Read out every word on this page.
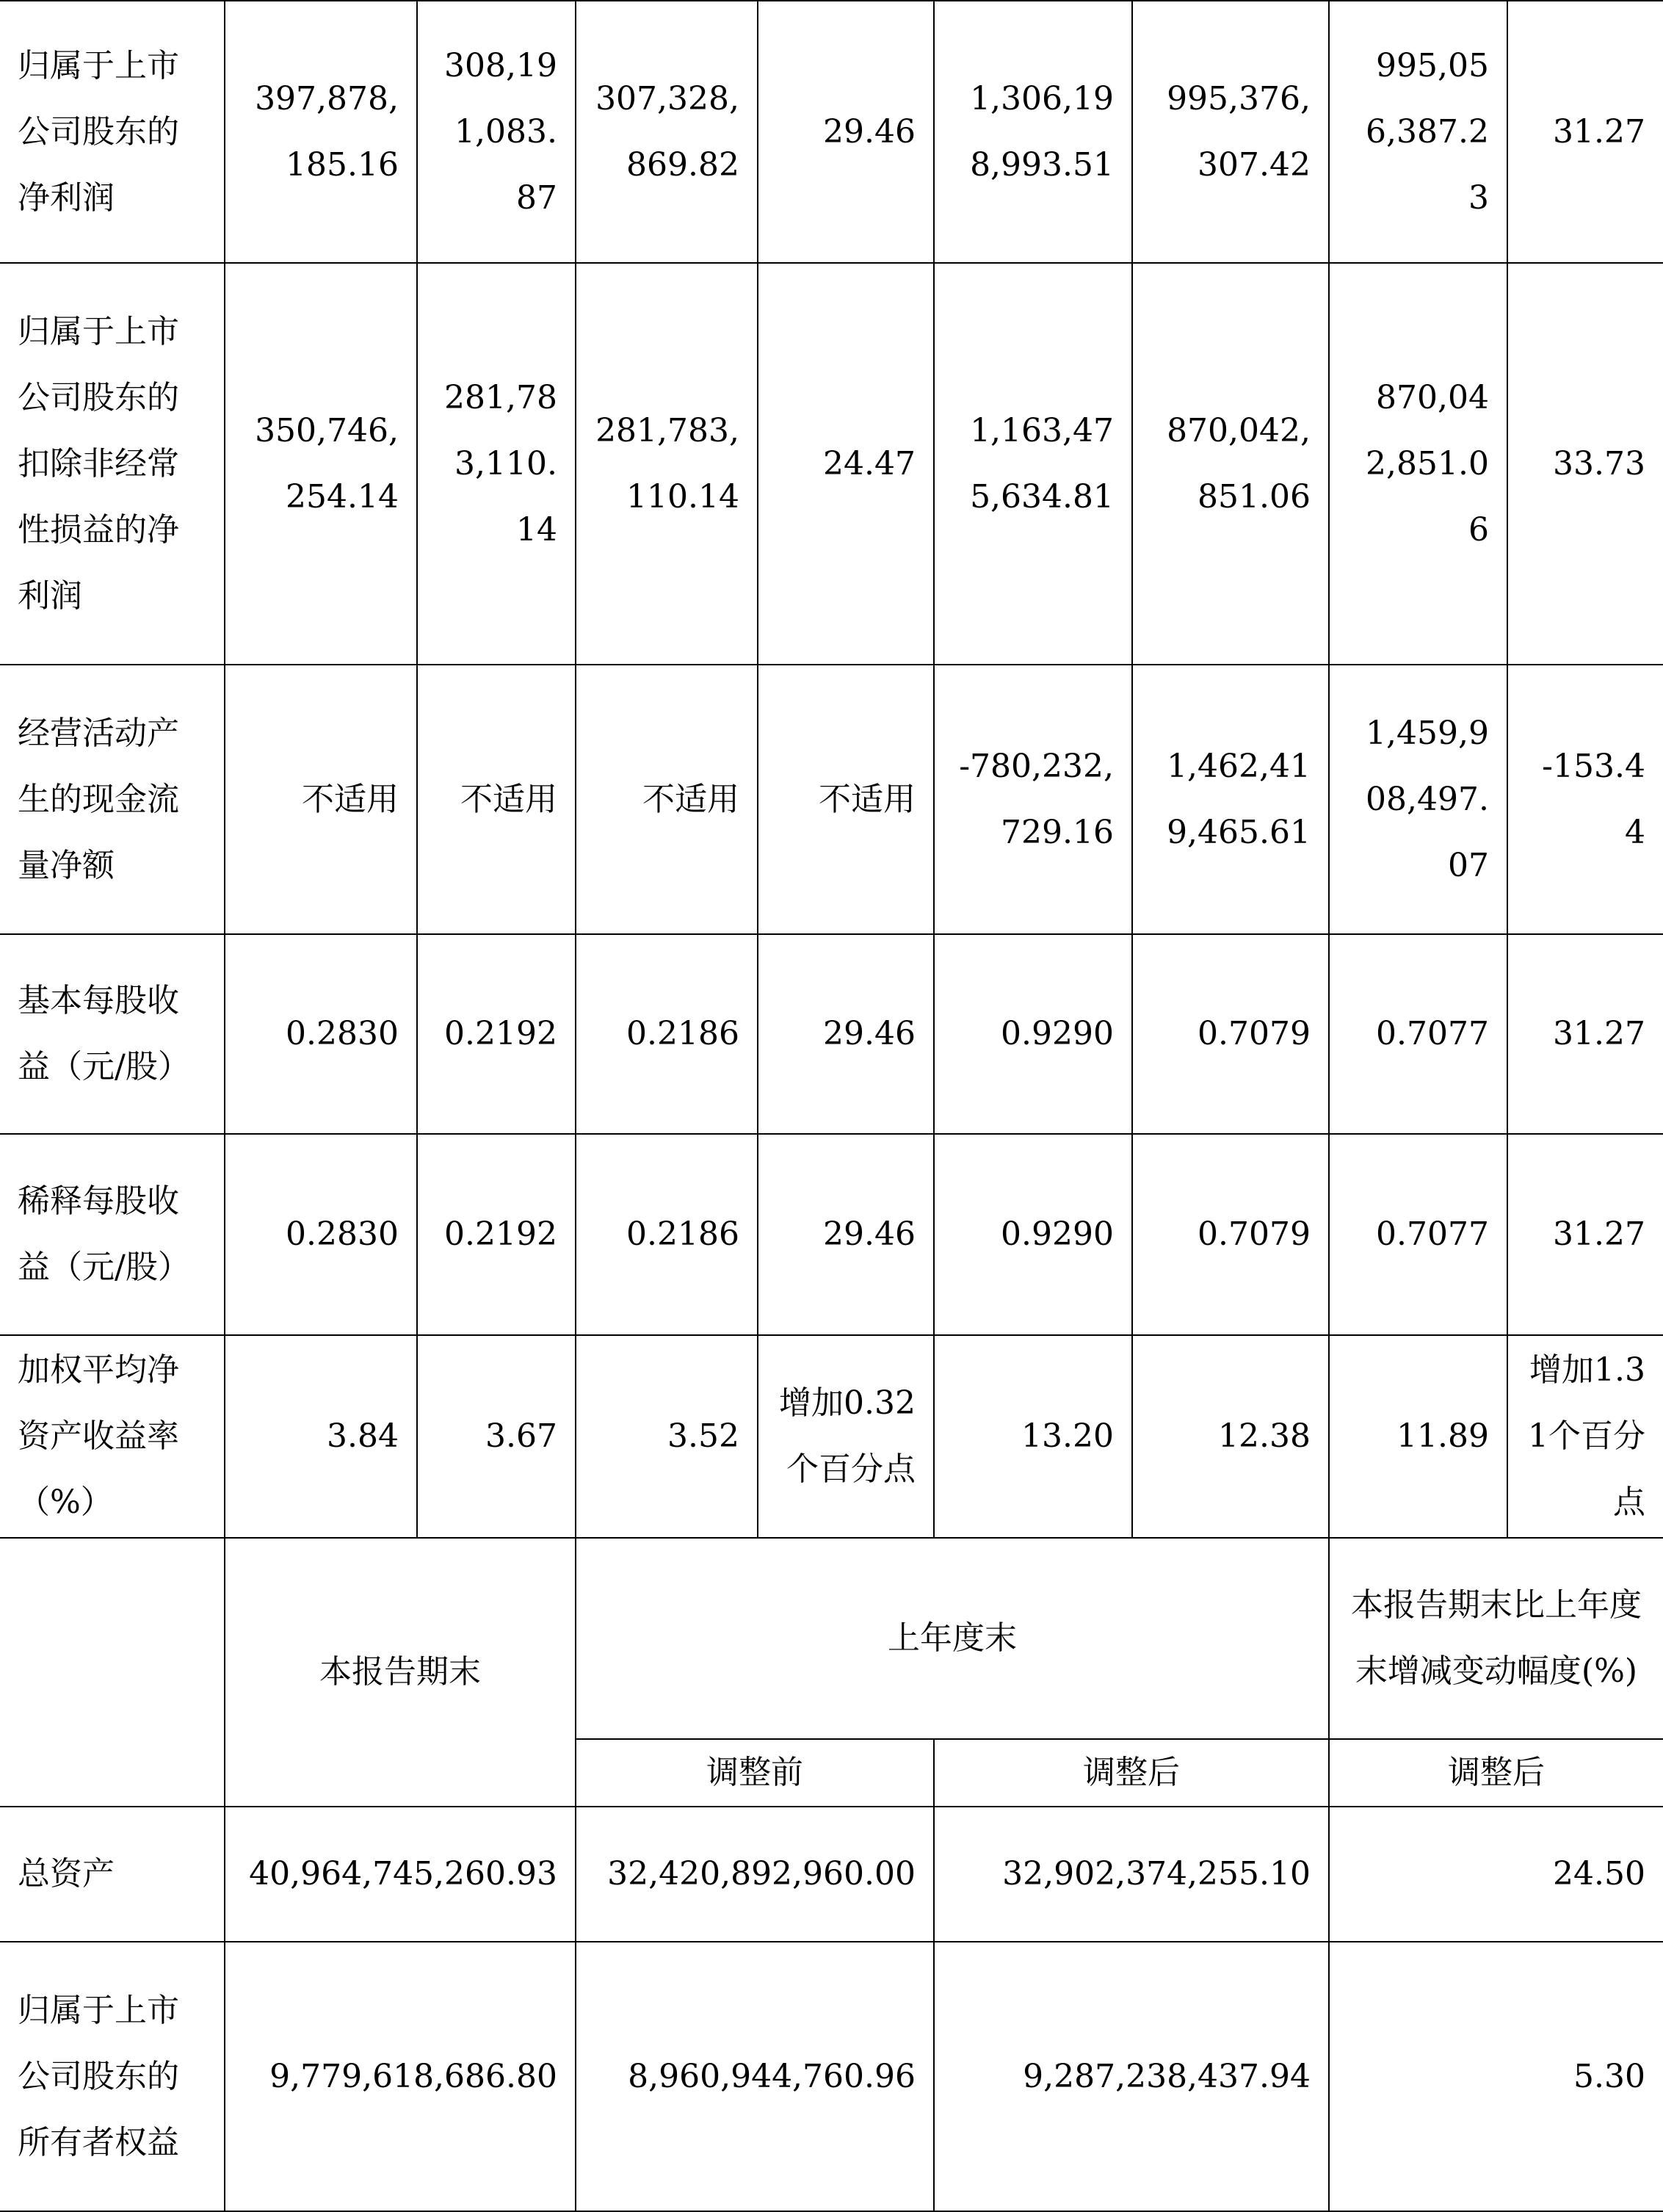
归属于上市公司股东的净利润	397,878,185.16	308,191,083.87	307,328,869.82	29.46	1,306,198,993.51	995,376,307.42	995,056,387.23	31.27
归属于上市公司股东的扣除非经常性损益的净利润	350,746,254.14	281,783,110.14	281,783,110.14	24.47	1,163,475,634.81	870,042,851.06	870,042,851.06	33.73
经营活动产生的现金流量净额	不适用	不适用	不适用	不适用	-780,232,729.16	1,462,419,465.61	1,459,908,497.07	-153.44
基本每股收益（元/股）	0.2830	0.2192	0.2186	29.46	0.9290	0.7079	0.7077	31.27
稀释每股收益（元/股）	0.2830	0.2192	0.2186	29.46	0.9290	0.7079	0.7077	31.27
加权平均净资产收益率（%）	3.84	3.67	3.52	增加0.32个百分点	13.20	12.38	11.89	增加1.31个百分点
	本报告期末		上年度末				本报告期末比上年度末增减变动幅度(%)	
			调整前		调整后		调整后	
总资产	40,964,745,260.93		32,420,892,960.00		32,902,374,255.10		24.50	
归属于上市公司股东的所有者权益	9,779,618,686.80		8,960,944,760.96		9,287,238,437.94		5.30	
